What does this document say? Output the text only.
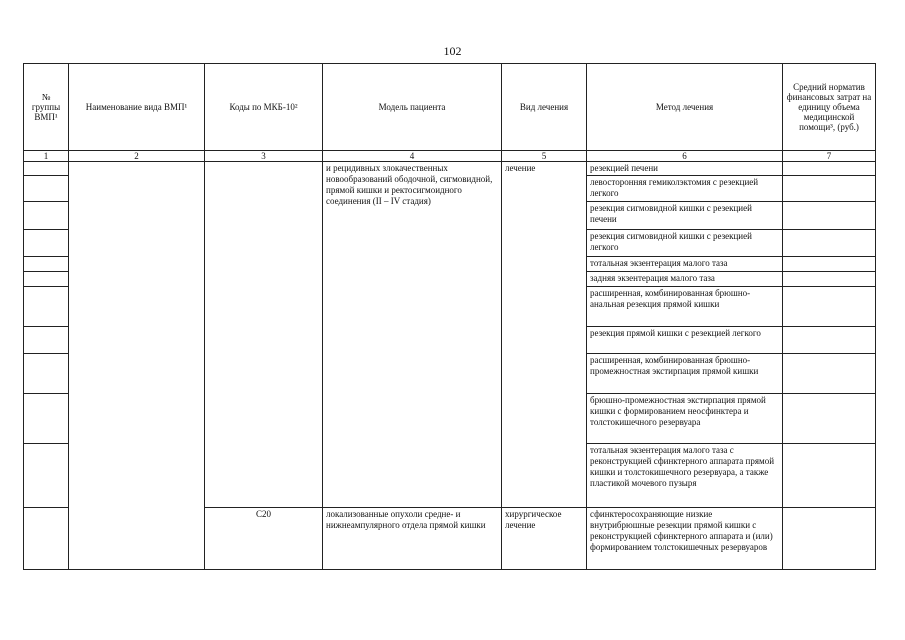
102
№ группы ВМП¹	Наименование вида ВМП¹	Коды по МКБ-10²	Модель пациента	Вид лечения	Метод лечения	Средний норматив финансовых затрат на единицу объема медицинской помощи³, (руб.)
1	2	3	4	5	6	7
			и рецидивных злокачественных новообразований ободочной, сигмовидной, прямой кишки и ректосигмоидного соединения (II – IV стадия)	лечение	резекцией печени	
					левосторонняя гемиколэктомия с резекцией легкого	
					резекция сигмовидной кишки с резекцией печени	
					резекция сигмовидной кишки с резекцией легкого	
					тотальная экзентерация малого таза	
					задняя экзентерация малого таза	
					расширенная, комбинированная брюшно-анальная резекция прямой кишки	
					резекция прямой кишки с резекцией легкого	
					расширенная, комбинированная брюшно-промежностная экстирпация прямой кишки	
					брюшно-промежностная экстирпация прямой кишки с формированием неосфинктера и толстокишечного резервуара	
					тотальная экзентерация малого таза с реконструкцией сфинктерного аппарата прямой кишки и толстокишечного резервуара, а также пластикой мочевого пузыря	
		C20	локализованные опухоли средне- и нижнеампулярного отдела прямой кишки	хирургическое лечение	сфинктеросохраняющие низкие внутрибрюшные резекции прямой кишки с реконструкцией сфинктерного аппарата и (или) формированием толстокишечных резервуаров	
